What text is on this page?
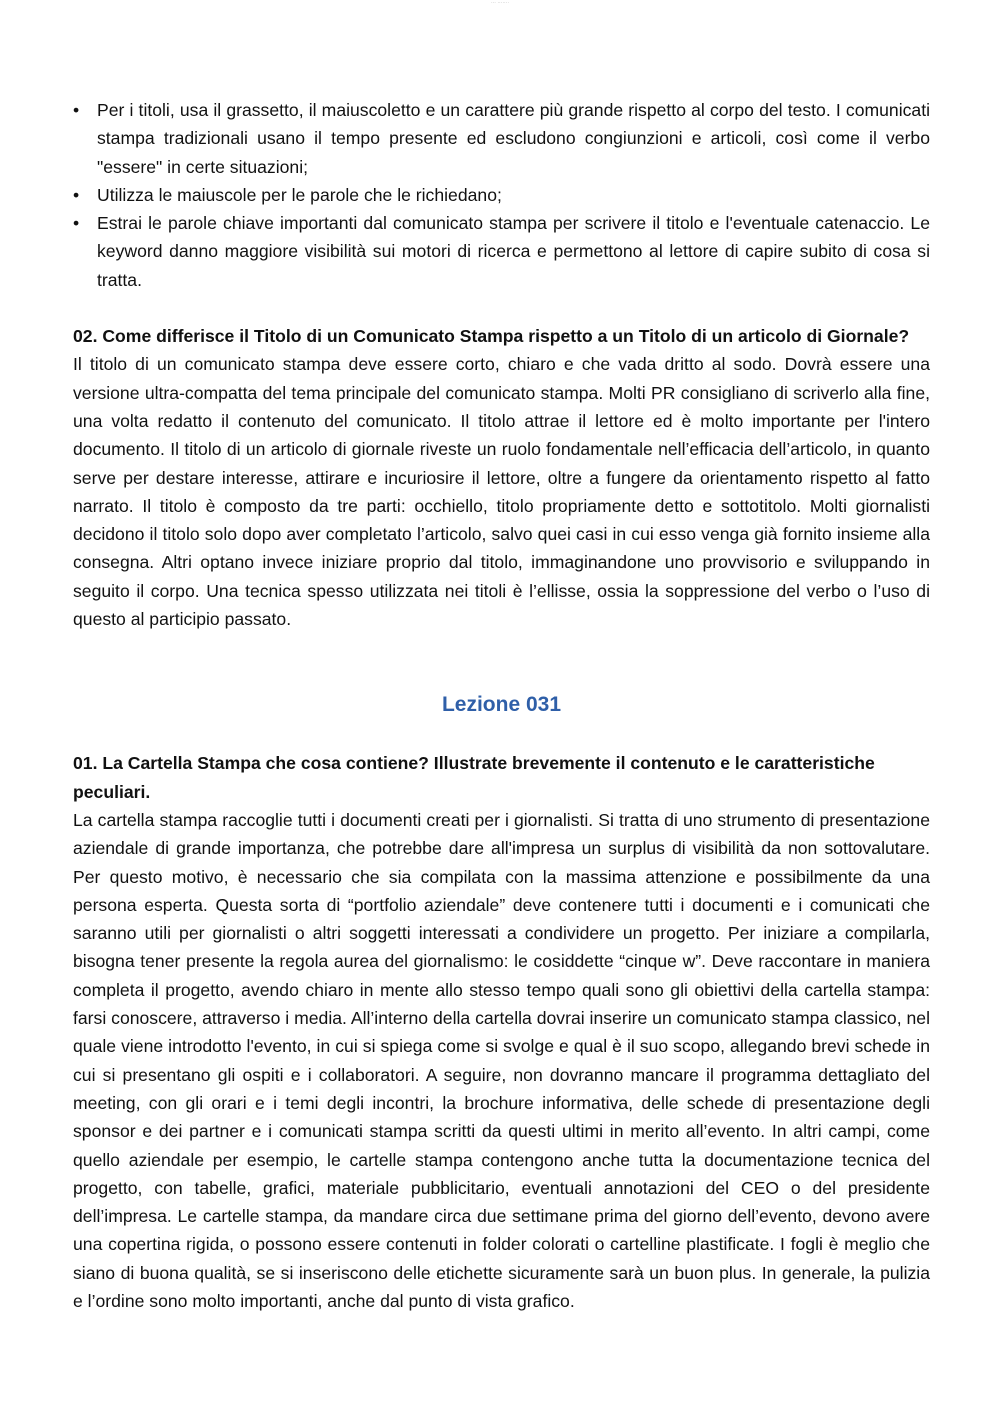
··· ·······
• Per i titoli, usa il grassetto, il maiuscoletto e un carattere più grande rispetto al corpo del testo. I comunicati stampa tradizionali usano il tempo presente ed escludono congiunzioni e articoli, così come il verbo "essere" in certe situazioni;
• Utilizza le maiuscole per le parole che le richiedano;
• Estrai le parole chiave importanti dal comunicato stampa per scrivere il titolo e l'eventuale catenaccio. Le keyword danno maggiore visibilità sui motori di ricerca e permettono al lettore di capire subito di cosa si tratta.

02. Come differisce il Titolo di un Comunicato Stampa rispetto a un Titolo di un articolo di Giornale?

Il titolo di un comunicato stampa deve essere corto, chiaro e che vada dritto al sodo. Dovrà essere una versione ultra-compatta del tema principale del comunicato stampa. Molti PR consigliano di scriverlo alla fine, una volta redatto il contenuto del comunicato. Il titolo attrae il lettore ed è molto importante per l'intero documento. Il titolo di un articolo di giornale riveste un ruolo fondamentale nell’efficacia dell’articolo, in quanto serve per destare interesse, attirare e incuriosire il lettore, oltre a fungere da orientamento rispetto al fatto narrato. Il titolo è composto da tre parti: occhiello, titolo propriamente detto e sottotitolo. Molti giornalisti decidono il titolo solo dopo aver completato l’articolo, salvo quei casi in cui esso venga già fornito insieme alla consegna. Altri optano invece iniziare proprio dal titolo, immaginandone uno provvisorio e sviluppando in seguito il corpo. Una tecnica spesso utilizzata nei titoli è l’ellisse, ossia la soppressione del verbo o l’uso di questo al participio passato.

Lezione 031

01. La Cartella Stampa che cosa contiene? Illustrate brevemente il contenuto e le caratteristiche peculiari.

La cartella stampa raccoglie tutti i documenti creati per i giornalisti. Si tratta di uno strumento di presentazione aziendale di grande importanza, che potrebbe dare all'impresa un surplus di visibilità da non sottovalutare. Per questo motivo, è necessario che sia compilata con la massima attenzione e possibilmente da una persona esperta. Questa sorta di “portfolio aziendale” deve contenere tutti i documenti e i comunicati che saranno utili per giornalisti o altri soggetti interessati a condividere un progetto. Per iniziare a compilarla, bisogna tener presente la regola aurea del giornalismo: le cosiddette “cinque w”. Deve raccontare in maniera completa il progetto, avendo chiaro in mente allo stesso tempo quali sono gli obiettivi della cartella stampa: farsi conoscere, attraverso i media. All’interno della cartella dovrai inserire un comunicato stampa classico, nel quale viene introdotto l'evento, in cui si spiega come si svolge e qual è il suo scopo, allegando brevi schede in cui si presentano gli ospiti e i collaboratori. A seguire, non dovranno mancare il programma dettagliato del meeting, con gli orari e i temi degli incontri, la brochure informativa, delle schede di presentazione degli sponsor e dei partner e i comunicati stampa scritti da questi ultimi in merito all’evento. In altri campi, come quello aziendale per esempio, le cartelle stampa contengono anche tutta la documentazione tecnica del progetto, con tabelle, grafici, materiale pubblicitario, eventuali annotazioni del CEO o del presidente dell’impresa. Le cartelle stampa, da mandare circa due settimane prima del giorno dell’evento, devono avere una copertina rigida, o possono essere contenuti in folder colorati o cartelline plastificate. I fogli è meglio che siano di buona qualità, se si inseriscono delle etichette sicuramente sarà un buon plus. In generale, la pulizia e l’ordine sono molto importanti, anche dal punto di vista grafico.
